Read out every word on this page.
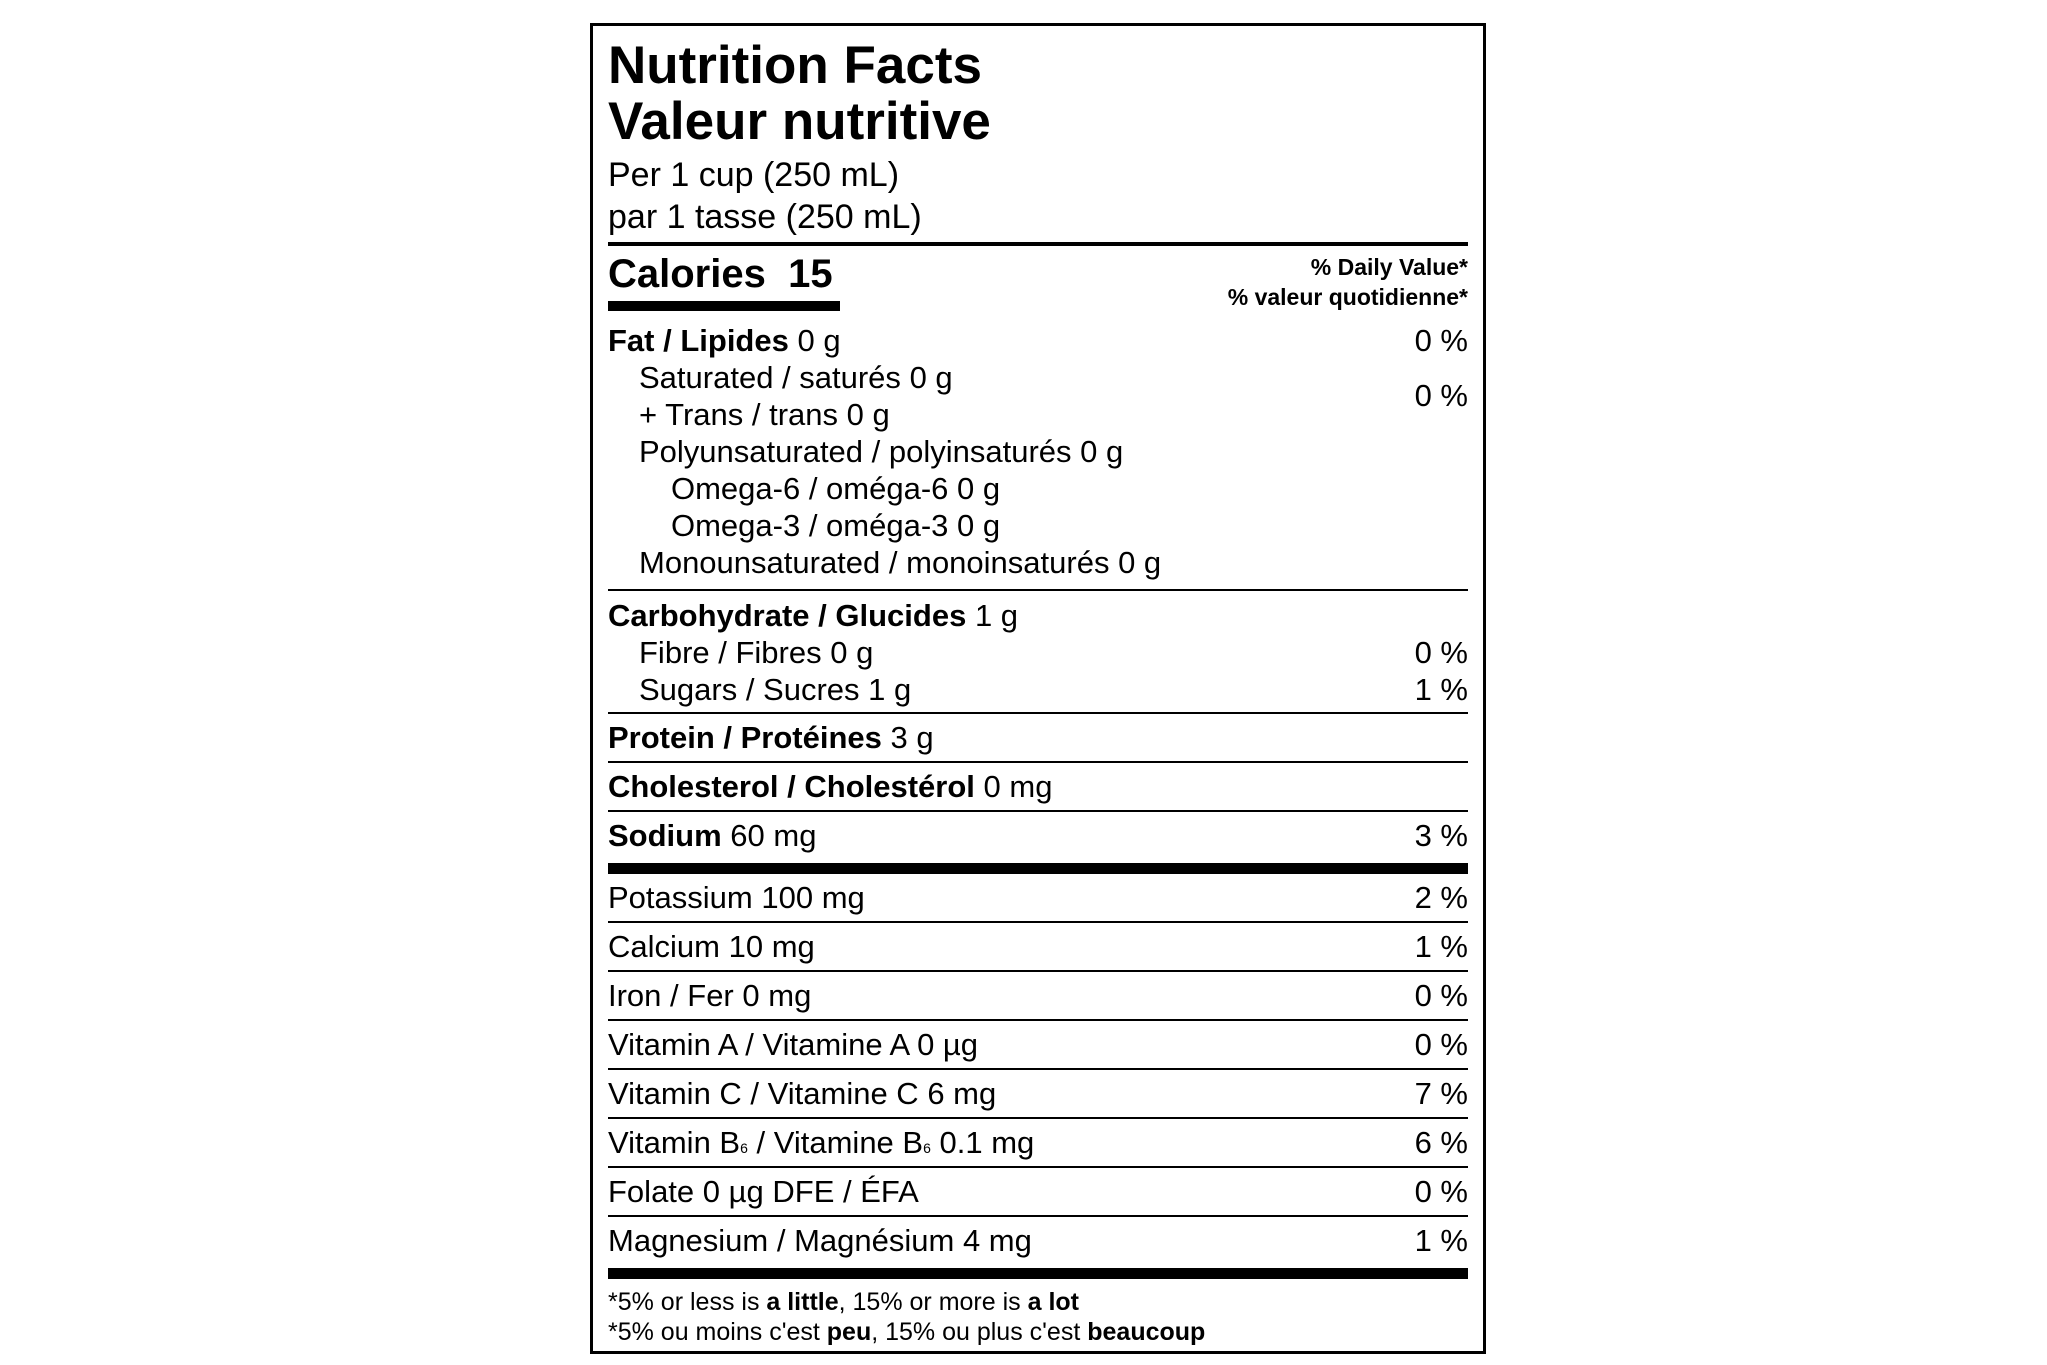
Nutrition Facts
Valeur nutritive
Per 1 cup (250 mL)
par 1 tasse (250 mL)
Calories 15	% Daily Value*
% valeur quotidienne*
Fat / Lipides 0 g	0 %
Saturated / saturés 0 g
+ Trans / trans 0 g
0 %
Polyunsaturated / polyinsaturés 0 g
Omega-6 / oméga-6 0 g
Omega-3 / oméga-3 0 g
Monounsaturated / monoinsaturés 0 g
Carbohydrate / Glucides 1 g
Fibre / Fibres 0 g	0 %
Sugars / Sucres 1 g	1 %
Protein / Protéines 3 g
Cholesterol / Cholestérol 0 mg
Sodium 60 mg	3 %
Potassium 100 mg	2 %
Calcium 10 mg	1 %
Iron / Fer 0 mg	0 %
Vitamin A / Vitamine A 0 µg	0 %
Vitamin C / Vitamine C 6 mg	7 %
Vitamin B6 / Vitamine B6 0.1 mg	6 %
Folate 0 µg DFE / ÉFA	0 %
Magnesium / Magnésium 4 mg	1 %
*5% or less is a little, 15% or more is a lot
*5% ou moins c'est peu, 15% ou plus c'est beaucoup
